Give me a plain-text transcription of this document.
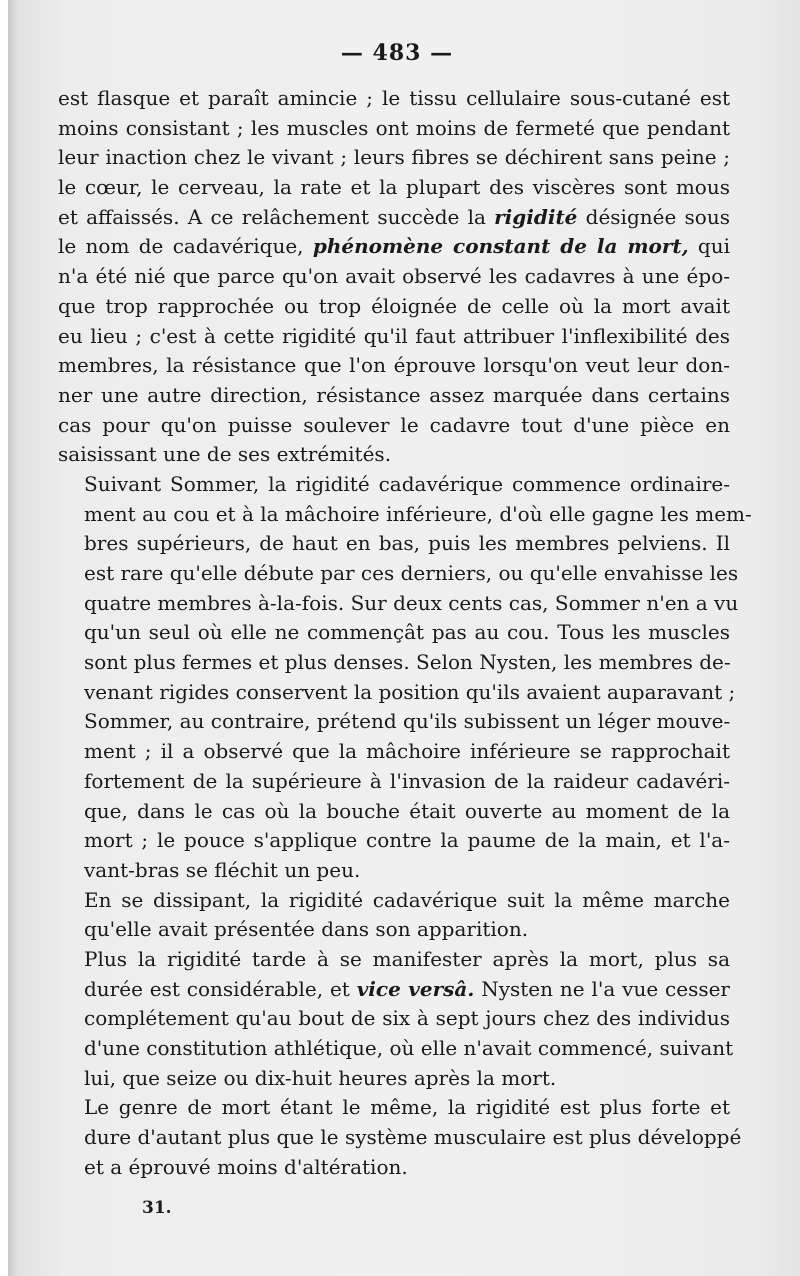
— 483 —
est flasque et paraît amincie ; le tissu cellulaire sous-cutané est
moins consistant ; les muscles ont moins de fermeté que pendant
leur inaction chez le vivant ; leurs fibres se déchirent sans peine ;
le cœur, le cerveau, la rate et la plupart des viscères sont mous
et affaissés. A ce relâchement succède la rigidité désignée sous
le nom de cadavérique, phénomène constant de la mort, qui
n'a été nié que parce qu'on avait observé les cadavres à une épo-
que trop rapprochée ou trop éloignée de celle où la mort avait
eu lieu ; c'est à cette rigidité qu'il faut attribuer l'inflexibilité des
membres, la résistance que l'on éprouve lorsqu'on veut leur don-
ner une autre direction, résistance assez marquée dans certains
cas pour qu'on puisse soulever le cadavre tout d'une pièce en
saisissant une de ses extrémités.
Suivant Sommer, la rigidité cadavérique commence ordinaire-
ment au cou et à la mâchoire inférieure, d'où elle gagne les mem-
bres supérieurs, de haut en bas, puis les membres pelviens. Il
est rare qu'elle débute par ces derniers, ou qu'elle envahisse les
quatre membres à-la-fois. Sur deux cents cas, Sommer n'en a vu
qu'un seul où elle ne commençât pas au cou. Tous les muscles
sont plus fermes et plus denses. Selon Nysten, les membres de-
venant rigides conservent la position qu'ils avaient auparavant ;
Sommer, au contraire, prétend qu'ils subissent un léger mouve-
ment ; il a observé que la mâchoire inférieure se rapprochait
fortement de la supérieure à l'invasion de la raideur cadavéri-
que, dans le cas où la bouche était ouverte au moment de la
mort ; le pouce s'applique contre la paume de la main, et l'a-
vant-bras se fléchit un peu.
En se dissipant, la rigidité cadavérique suit la même marche
qu'elle avait présentée dans son apparition.
Plus la rigidité tarde à se manifester après la mort, plus sa
durée est considérable, et vice versâ. Nysten ne l'a vue cesser
complétement qu'au bout de six à sept jours chez des individus
d'une constitution athlétique, où elle n'avait commencé, suivant
lui, que seize ou dix-huit heures après la mort.
Le genre de mort étant le même, la rigidité est plus forte et
dure d'autant plus que le système musculaire est plus développé
et a éprouvé moins d'altération.
31.
